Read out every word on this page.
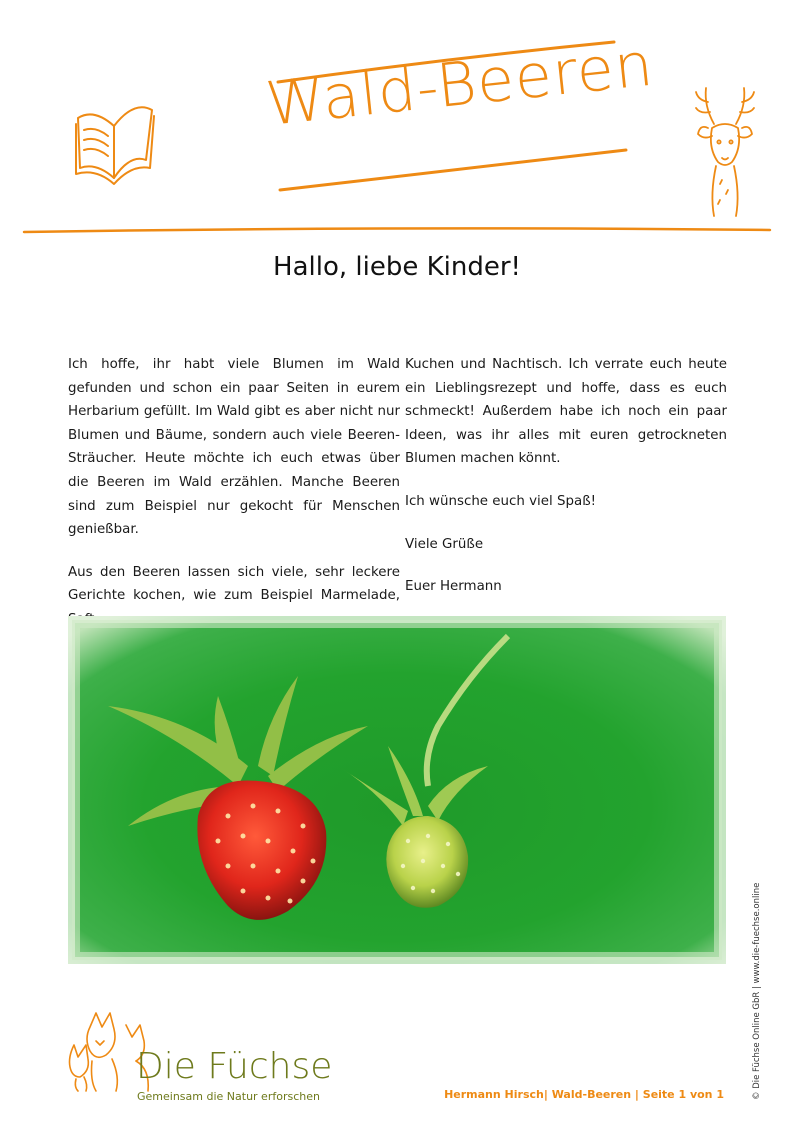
Wald-Beeren
Hallo, liebe Kinder!

Ich hoffe, ihr habt viele Blumen im Wald gefunden und schon ein paar Seiten in eurem Herbarium gefüllt. Im Wald gibt es aber nicht nur Blumen und Bäume, sondern auch viele Beeren-Sträucher. Heute möchte ich euch etwas über die Beeren im Wald erzählen. Manche Beeren sind zum Beispiel nur gekocht für Menschen genießbar.

Aus den Beeren lassen sich viele, sehr leckere Gerichte kochen, wie zum Beispiel Marmelade,

Kuchen und Nachtisch. Ich verrate euch heute ein Lieblingsrezept und hoffe, dass es euch schmeckt! Außerdem habe ich noch ein paar Ideen, was ihr alles mit euren getrockneten Blumen machen könnt.

Ich wünsche euch viel Spaß!

Viele Grüße

Euer Hermann

© Die Füchse Online GbR | www.die-fuechse.online
Die Füchse
Gemeinsam die Natur erforschen	Hermann Hirsch| Wald-Beeren | Seite 1 von 1
